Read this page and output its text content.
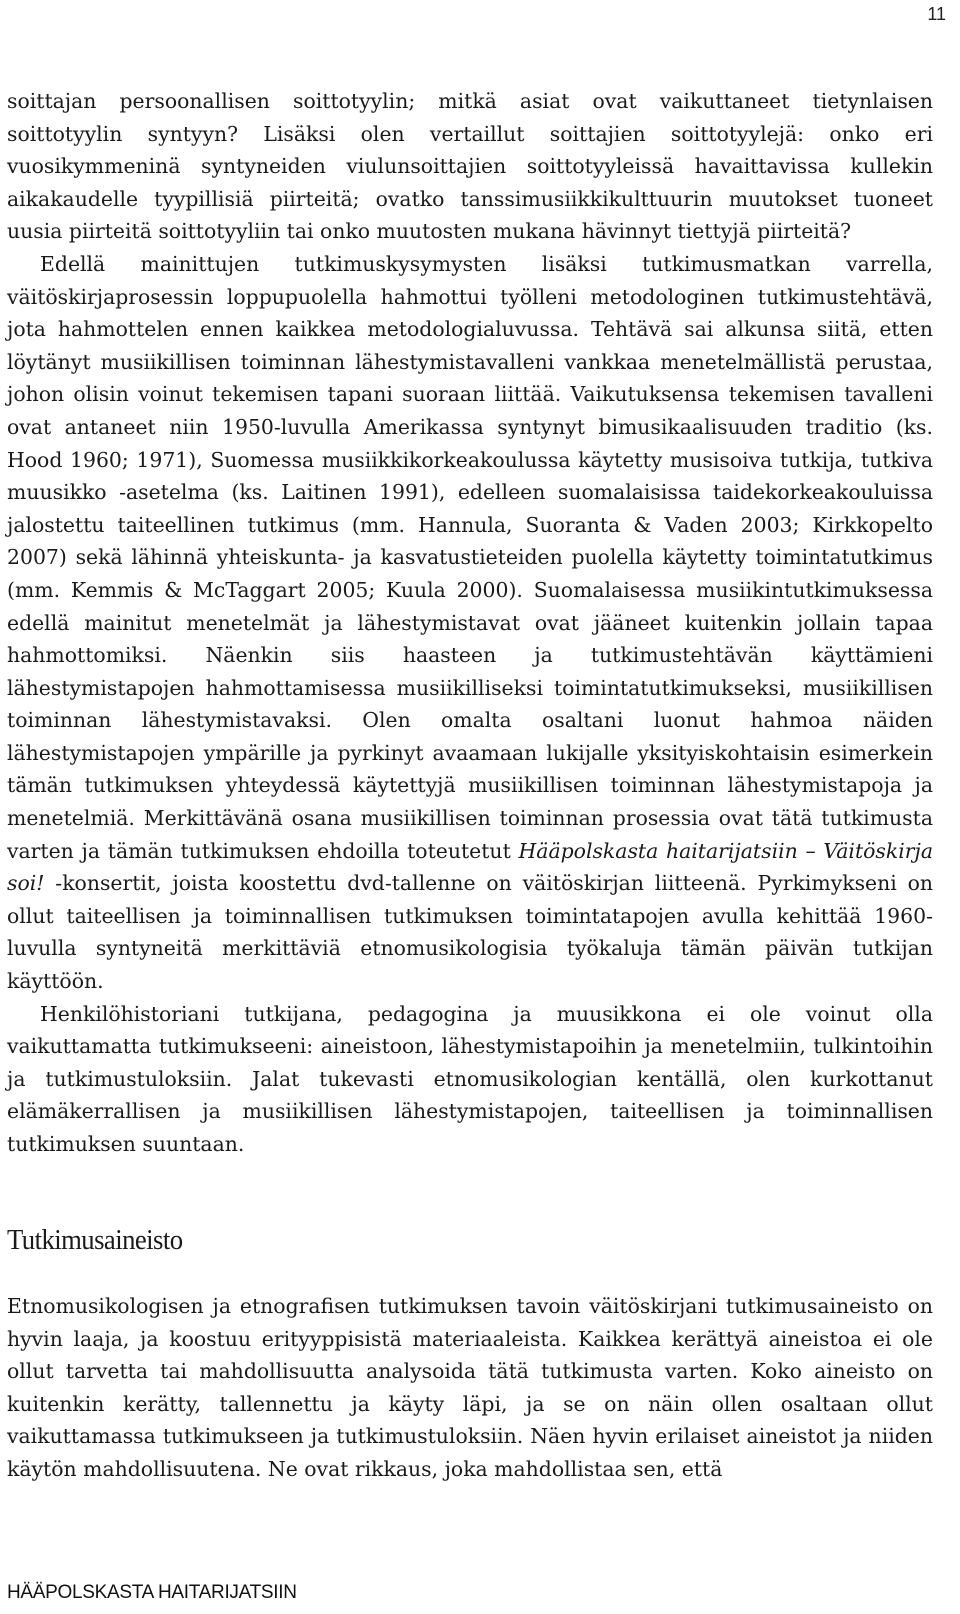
11

soittajan persoonallisen soittotyylin; mitkä asiat ovat vaikuttaneet tietynlaisen soittotyylin syntyyn? Lisäksi olen vertaillut soittajien soittotyylejä: onko eri vuosikymmeninä syntyneiden viulunsoittajien soittotyyleissä havaittavissa kullekin aikakaudelle tyypillisiä piirteitä; ovatko tanssimusiikkikulttuurin muutokset tuoneet uusia piirteitä soittotyyliin tai onko muutosten mukana hävinnyt tiettyjä piirteitä?

Edellä mainittujen tutkimuskysymysten lisäksi tutkimusmatkan varrella, väitöskirjaprosessin loppupuolella hahmottui työlleni metodologinen tutkimustehtävä, jota hahmottelen ennen kaikkea metodologialuvussa. Tehtävä sai alkunsa siitä, etten löytänyt musiikillisen toiminnan lähestymistavalleni vankkaa menetelmällistä perustaa, johon olisin voinut tekemisen tapani suoraan liittää. Vaikutuksensa tekemisen tavalleni ovat antaneet niin 1950-luvulla Amerikassa syntynyt bimusikaalisuuden traditio (ks. Hood 1960; 1971), Suomessa musiikkikorkeakoulussa käytetty musisoiva tutkija, tutkiva muusikko -asetelma (ks. Laitinen 1991), edelleen suomalaisissa taidekorkeakouluissa jalostettu taiteellinen tutkimus (mm. Hannula, Suoranta & Vaden 2003; Kirkkopelto 2007) sekä lähinnä yhteiskunta- ja kasvatustieteiden puolella käytetty toimintatutkimus (mm. Kemmis & McTaggart 2005; Kuula 2000). Suomalaisessa musiikintutkimuksessa edellä mainitut menetelmät ja lähestymistavat ovat jääneet kuitenkin jollain tapaa hahmottomiksi. Näenkin siis haasteen ja tutkimustehtävän käyttämieni lähestymistapojen hahmottamisessa musiikilliseksi toimintatutkimukseksi, musiikillisen toiminnan lähestymistavaksi. Olen omalta osaltani luonut hahmoa näiden lähestymistapojen ympärille ja pyrkinyt avaamaan lukijalle yksityiskohtaisin esimerkein tämän tutkimuksen yhteydessä käytettyjä musiikillisen toiminnan lähestymistapoja ja menetelmiä. Merkittävänä osana musiikillisen toiminnan prosessia ovat tätä tutkimusta varten ja tämän tutkimuksen ehdoilla toteutetut Hääpolskasta haitarijatsiin – Väitöskirja soi! -konsertit, joista koostettu dvd-tallenne on väitöskirjan liitteenä. Pyrkimykseni on ollut taiteellisen ja toiminnallisen tutkimuksen toimintatapojen avulla kehittää 1960-luvulla syntyneitä merkittäviä etnomusikologisia työkaluja tämän päivän tutkijan käyttöön.

Henkilöhistoriani tutkijana, pedagogina ja muusikkona ei ole voinut olla vaikuttamatta tutkimukseeni: aineistoon, lähestymistapoihin ja menetelmiin, tulkintoihin ja tutkimustuloksiin. Jalat tukevasti etnomusikologian kentällä, olen kurkottanut elämäkerrallisen ja musiikillisen lähestymistapojen, taiteellisen ja toiminnallisen tutkimuksen suuntaan.

Tutkimusaineisto

Etnomusikologisen ja etnografisen tutkimuksen tavoin väitöskirjani tutkimusaineisto on hyvin laaja, ja koostuu erityyppisistä materiaaleista. Kaikkea kerättyä aineistoa ei ole ollut tarvetta tai mahdollisuutta analysoida tätä tutkimusta varten. Koko aineisto on kuitenkin kerätty, tallennettu ja käyty läpi, ja se on näin ollen osaltaan ollut vaikuttamassa tutkimukseen ja tutkimustuloksiin. Näen hyvin erilaiset aineistot ja niiden käytön mahdollisuutena. Ne ovat rikkaus, joka mahdollistaa sen, että

HÄÄPOLSKASTA HAITARIJATSIIN
